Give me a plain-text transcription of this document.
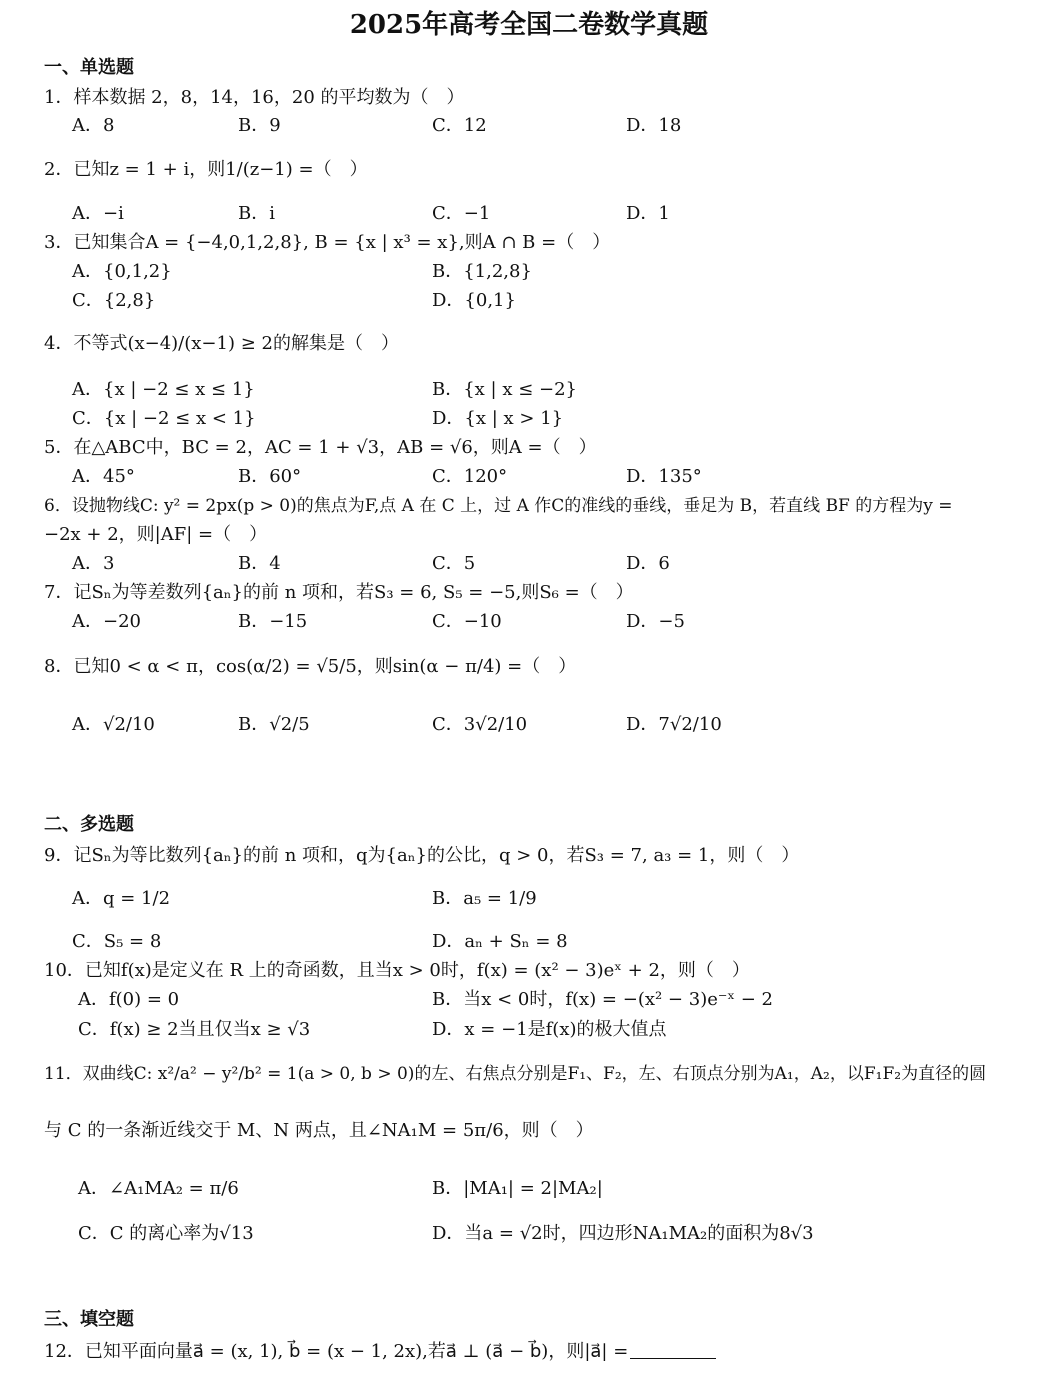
2025年高考全国二卷数学真题
一、单选题
1．样本数据 2，8，14，16，20 的平均数为（　）
A．8	B．9	C．12	D．18
2．已知z = 1 + i，则1/(z−1) =（　）
A．−i	B．i	C．−1	D．1
3．已知集合A = {−4,0,1,2,8}, B = {x | x³ = x},则A ∩ B =（　）
A．{0,1,2}	B．{1,2,8}
C．{2,8}	D．{0,1}
4．不等式(x−4)/(x−1) ≥ 2的解集是（　）
A．{x | −2 ≤ x ≤ 1}	B．{x | x ≤ −2}
C．{x | −2 ≤ x < 1}	D．{x | x > 1}
5．在△ABC中，BC = 2，AC = 1 + √3，AB = √6，则A =（　）
A．45°	B．60°	C．120°	D．135°
6．设抛物线C: y² = 2px(p > 0)的焦点为F,点 A 在 C 上，过 A 作C的准线的垂线，垂足为 B，若直线 BF 的方程为y =
−2x + 2，则|AF| =（　）
A．3	B．4	C．5	D．6
7．记Sₙ为等差数列{aₙ}的前 n 项和，若S₃ = 6, S₅ = −5,则S₆ =（　）
A．−20	B．−15	C．−10	D．−5
8．已知0 < α < π，cos(α/2) = √5/5，则sin(α − π/4) =（　）
A．√2/10	B．√2/5	C．3√2/10	D．7√2/10
二、多选题
9．记Sₙ为等比数列{aₙ}的前 n 项和，q为{aₙ}的公比，q > 0，若S₃ = 7, a₃ = 1，则（　）
A．q = 1/2	B．a₅ = 1/9
C．S₅ = 8	D．aₙ + Sₙ = 8
10．已知f(x)是定义在 R 上的奇函数，且当x > 0时，f(x) = (x² − 3)eˣ + 2，则（　）
A．f(0) = 0	B．当x < 0时，f(x) = −(x² − 3)e⁻ˣ − 2
C．f(x) ≥ 2当且仅当x ≥ √3	D．x = −1是f(x)的极大值点
11．双曲线C: x²/a² − y²/b² = 1(a > 0, b > 0)的左、右焦点分别是F₁、F₂，左、右顶点分别为A₁，A₂，以F₁F₂为直径的圆
与 C 的一条渐近线交于 M、N 两点，且∠NA₁M = 5π/6，则（　）
A．∠A₁MA₂ = π/6	B．|MA₁| = 2|MA₂|
C．C 的离心率为√13	D．当a = √2时，四边形NA₁MA₂的面积为8√3
三、填空题
12．已知平面向量a⃗ = (x, 1), b⃗ = (x − 1, 2x),若a⃗ ⊥ (a⃗ − b⃗)，则|a⃗| =
